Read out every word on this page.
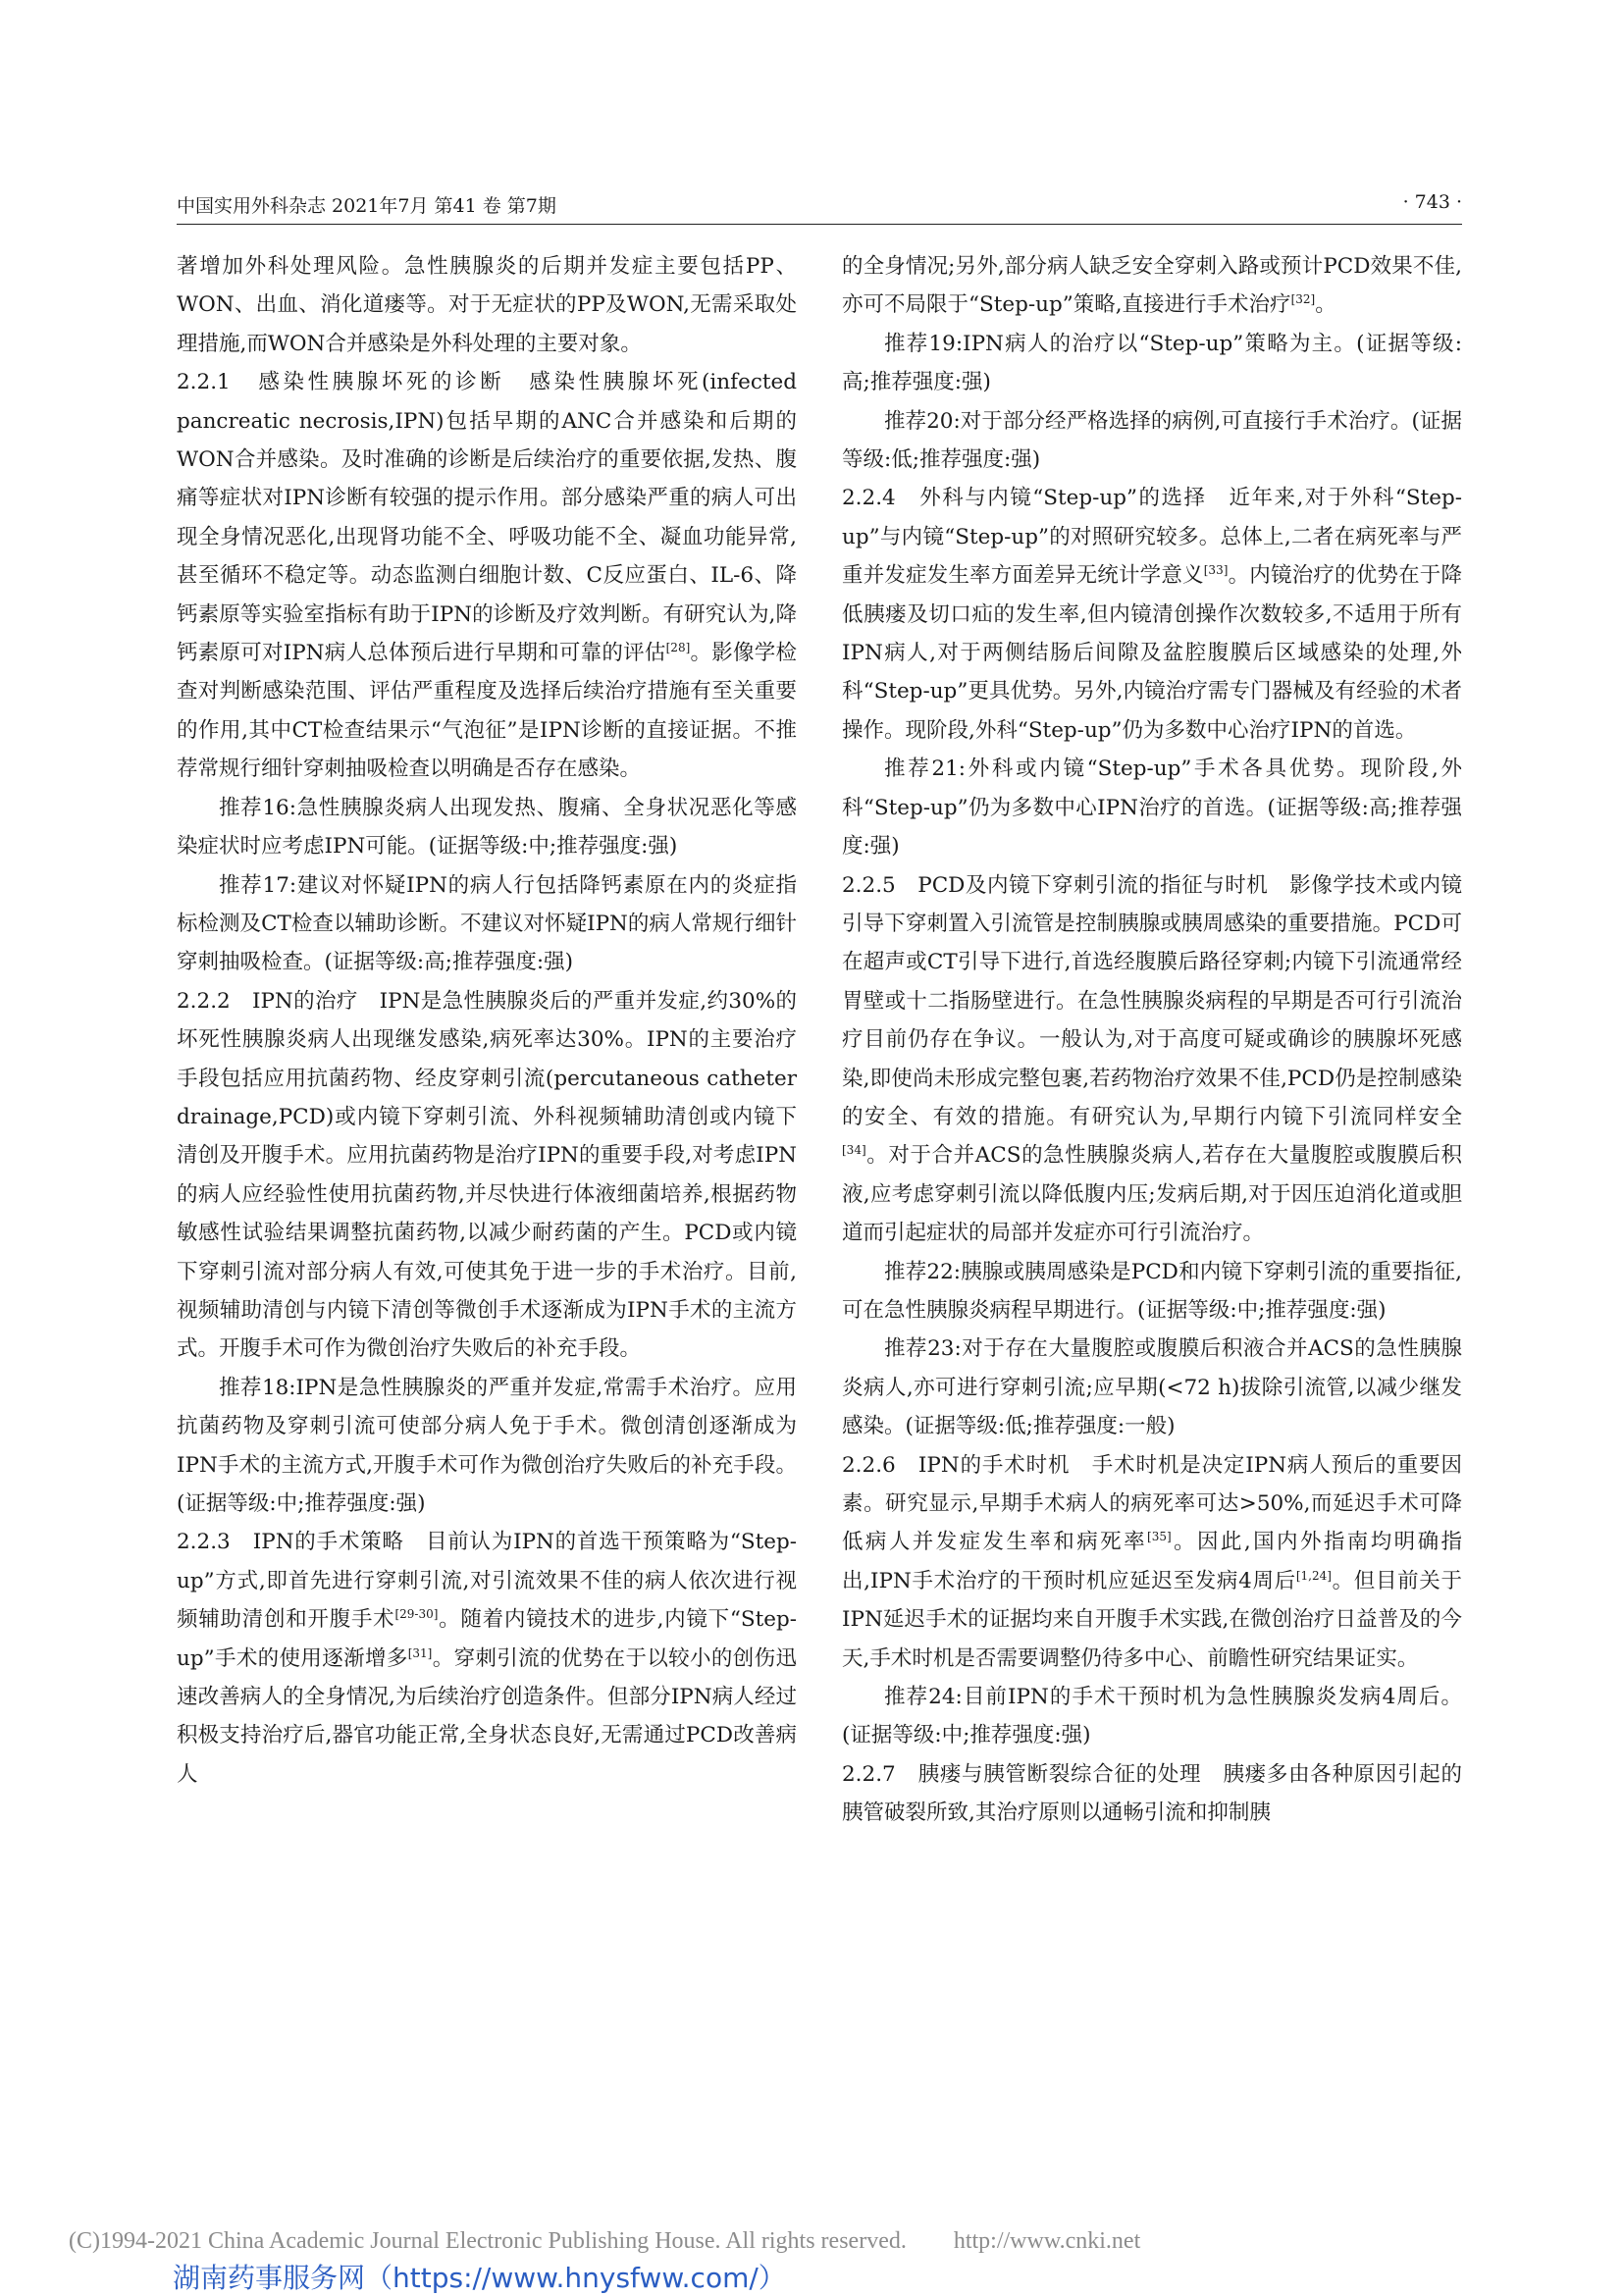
中国实用外科杂志 2021年7月 第41 卷 第7期	· 743 ·

著增加外科处理风险。急性胰腺炎的后期并发症主要包括PP、WON、出血、消化道瘘等。对于无症状的PP及WON,无需采取处理措施,而WON合并感染是外科处理的主要对象。

2.2.1　感染性胰腺坏死的诊断　感染性胰腺坏死(infected pancreatic necrosis,IPN)包括早期的ANC合并感染和后期的WON合并感染。及时准确的诊断是后续治疗的重要依据,发热、腹痛等症状对IPN诊断有较强的提示作用。部分感染严重的病人可出现全身情况恶化,出现肾功能不全、呼吸功能不全、凝血功能异常,甚至循环不稳定等。动态监测白细胞计数、C反应蛋白、IL-6、降钙素原等实验室指标有助于IPN的诊断及疗效判断。有研究认为,降钙素原可对IPN病人总体预后进行早期和可靠的评估[28]。影像学检查对判断感染范围、评估严重程度及选择后续治疗措施有至关重要的作用,其中CT检查结果示“气泡征”是IPN诊断的直接证据。不推荐常规行细针穿刺抽吸检查以明确是否存在感染。

推荐16:急性胰腺炎病人出现发热、腹痛、全身状况恶化等感染症状时应考虑IPN可能。(证据等级:中;推荐强度:强)

推荐17:建议对怀疑IPN的病人行包括降钙素原在内的炎症指标检测及CT检查以辅助诊断。不建议对怀疑IPN的病人常规行细针穿刺抽吸检查。(证据等级:高;推荐强度:强)

2.2.2　IPN的治疗　IPN是急性胰腺炎后的严重并发症,约30%的坏死性胰腺炎病人出现继发感染,病死率达30%。IPN的主要治疗手段包括应用抗菌药物、经皮穿刺引流(percutaneous catheter drainage,PCD)或内镜下穿刺引流、外科视频辅助清创或内镜下清创及开腹手术。应用抗菌药物是治疗IPN的重要手段,对考虑IPN的病人应经验性使用抗菌药物,并尽快进行体液细菌培养,根据药物敏感性试验结果调整抗菌药物,以减少耐药菌的产生。PCD或内镜下穿刺引流对部分病人有效,可使其免于进一步的手术治疗。目前,视频辅助清创与内镜下清创等微创手术逐渐成为IPN手术的主流方式。开腹手术可作为微创治疗失败后的补充手段。

推荐18:IPN是急性胰腺炎的严重并发症,常需手术治疗。应用抗菌药物及穿刺引流可使部分病人免于手术。微创清创逐渐成为IPN手术的主流方式,开腹手术可作为微创治疗失败后的补充手段。(证据等级:中;推荐强度:强)

2.2.3　IPN的手术策略　目前认为IPN的首选干预策略为“Step-up”方式,即首先进行穿刺引流,对引流效果不佳的病人依次进行视频辅助清创和开腹手术[29-30]。随着内镜技术的进步,内镜下“Step-up”手术的使用逐渐增多[31]。穿刺引流的优势在于以较小的创伤迅速改善病人的全身情况,为后续治疗创造条件。但部分IPN病人经过积极支持治疗后,器官功能正常,全身状态良好,无需通过PCD改善病人

的全身情况;另外,部分病人缺乏安全穿刺入路或预计PCD效果不佳,亦可不局限于“Step-up”策略,直接进行手术治疗[32]。

推荐19:IPN病人的治疗以“Step-up”策略为主。(证据等级:高;推荐强度:强)

推荐20:对于部分经严格选择的病例,可直接行手术治疗。(证据等级:低;推荐强度:强)

2.2.4　外科与内镜“Step-up”的选择　近年来,对于外科“Step-up”与内镜“Step-up”的对照研究较多。总体上,二者在病死率与严重并发症发生率方面差异无统计学意义[33]。内镜治疗的优势在于降低胰瘘及切口疝的发生率,但内镜清创操作次数较多,不适用于所有IPN病人,对于两侧结肠后间隙及盆腔腹膜后区域感染的处理,外科“Step-up”更具优势。另外,内镜治疗需专门器械及有经验的术者操作。现阶段,外科“Step-up”仍为多数中心治疗IPN的首选。

推荐21:外科或内镜“Step-up”手术各具优势。现阶段,外科“Step-up”仍为多数中心IPN治疗的首选。(证据等级:高;推荐强度:强)

2.2.5　PCD及内镜下穿刺引流的指征与时机　影像学技术或内镜引导下穿刺置入引流管是控制胰腺或胰周感染的重要措施。PCD可在超声或CT引导下进行,首选经腹膜后路径穿刺;内镜下引流通常经胃壁或十二指肠壁进行。在急性胰腺炎病程的早期是否可行引流治疗目前仍存在争议。一般认为,对于高度可疑或确诊的胰腺坏死感染,即使尚未形成完整包裹,若药物治疗效果不佳,PCD仍是控制感染的安全、有效的措施。有研究认为,早期行内镜下引流同样安全[34]。对于合并ACS的急性胰腺炎病人,若存在大量腹腔或腹膜后积液,应考虑穿刺引流以降低腹内压;发病后期,对于因压迫消化道或胆道而引起症状的局部并发症亦可行引流治疗。

推荐22:胰腺或胰周感染是PCD和内镜下穿刺引流的重要指征,可在急性胰腺炎病程早期进行。(证据等级:中;推荐强度:强)

推荐23:对于存在大量腹腔或腹膜后积液合并ACS的急性胰腺炎病人,亦可进行穿刺引流;应早期(<72 h)拔除引流管,以减少继发感染。(证据等级:低;推荐强度:一般)

2.2.6　IPN的手术时机　手术时机是决定IPN病人预后的重要因素。研究显示,早期手术病人的病死率可达>50%,而延迟手术可降低病人并发症发生率和病死率[35]。因此,国内外指南均明确指出,IPN手术治疗的干预时机应延迟至发病4周后[1,24]。但目前关于IPN延迟手术的证据均来自开腹手术实践,在微创治疗日益普及的今天,手术时机是否需要调整仍待多中心、前瞻性研究结果证实。

推荐24:目前IPN的手术干预时机为急性胰腺炎发病4周后。(证据等级:中;推荐强度:强)

2.2.7　胰瘘与胰管断裂综合征的处理　胰瘘多由各种原因引起的胰管破裂所致,其治疗原则以通畅引流和抑制胰

(C)1994-2021 China Academic Journal Electronic Publishing House. All rights reserved.　　http://www.cnki.net
湖南药事服务网（https://www.hnysfww.com/）
